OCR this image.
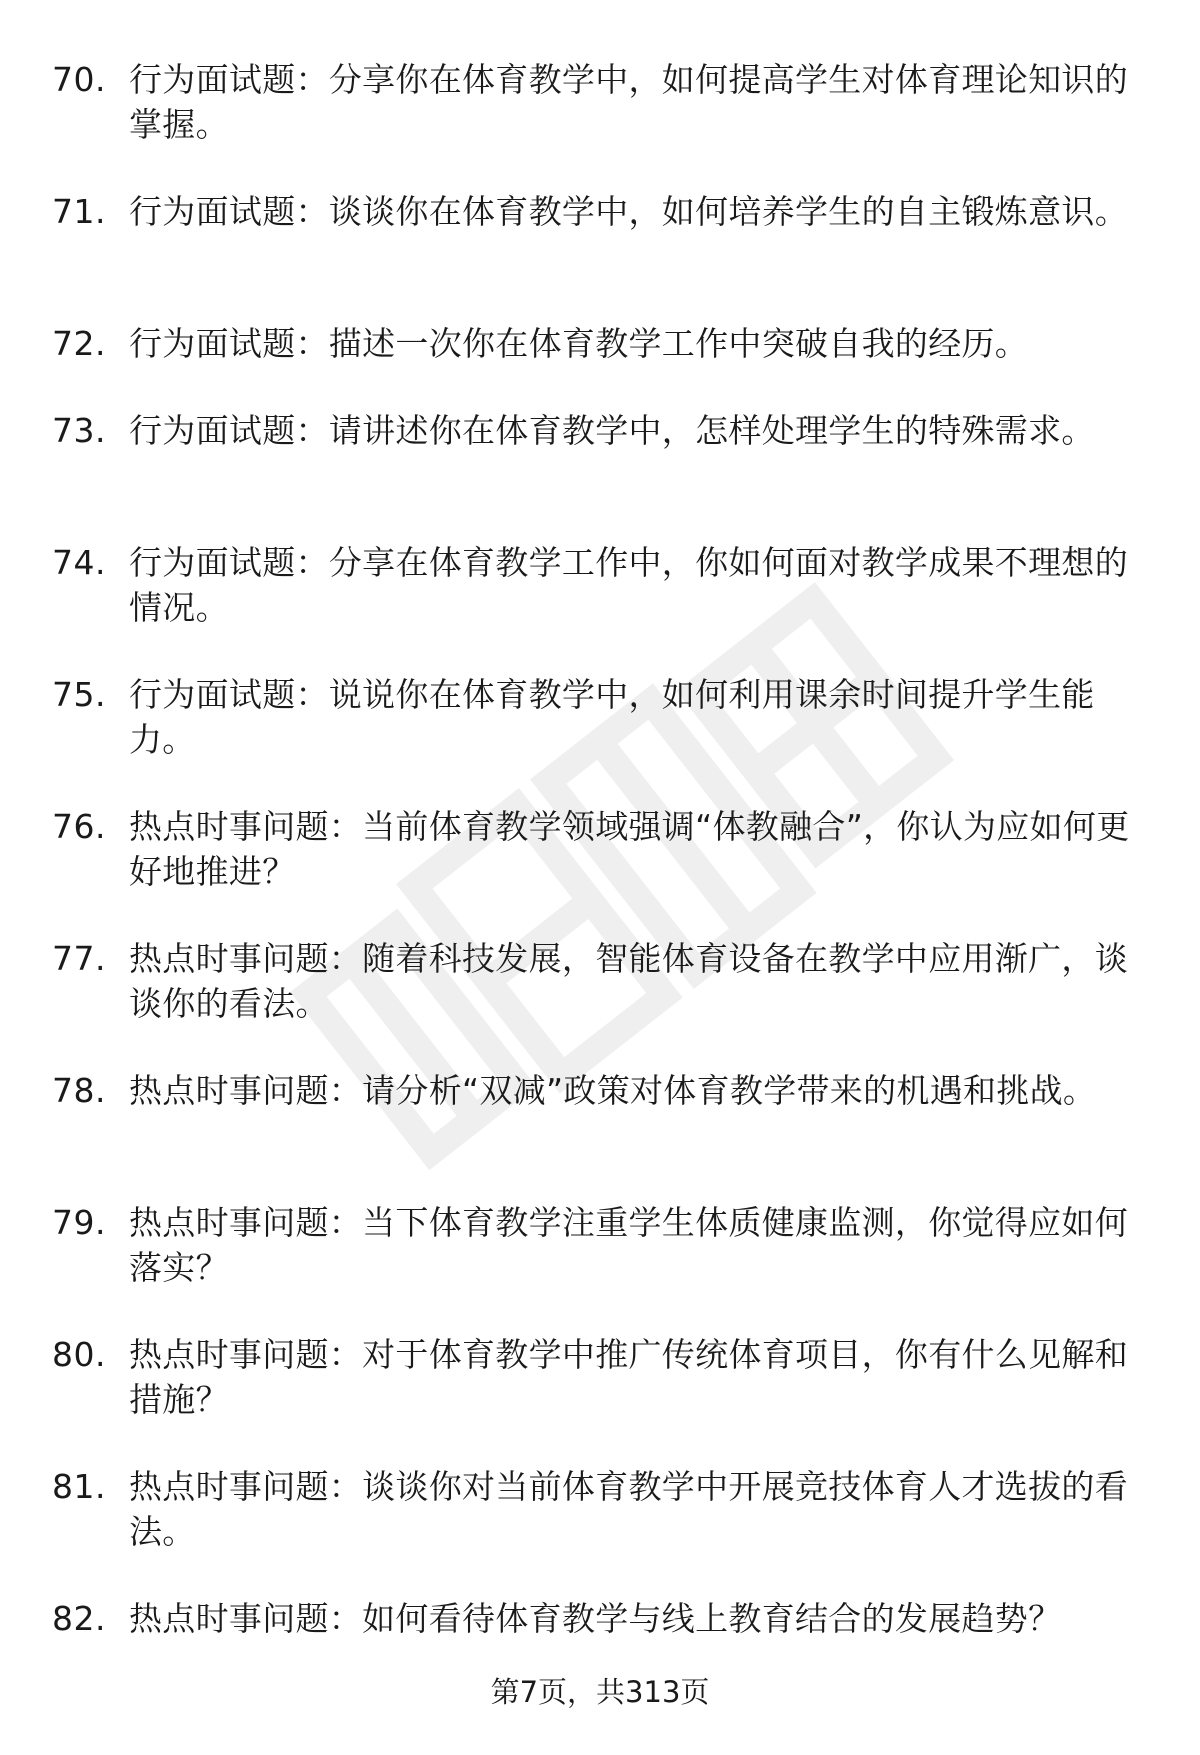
70. 行为面试题：分享你在体育教学中，如何提高学生对体育理论知识的掌握。
71. 行为面试题：谈谈你在体育教学中，如何培养学生的自主锻炼意识。
72. 行为面试题：描述一次你在体育教学工作中突破自我的经历。
73. 行为面试题：请讲述你在体育教学中，怎样处理学生的特殊需求。
74. 行为面试题：分享在体育教学工作中，你如何面对教学成果不理想的情况。
75. 行为面试题：说说你在体育教学中，如何利用课余时间提升学生能力。
76. 热点时事问题：当前体育教学领域强调“体教融合”，你认为应如何更好地推进？
77. 热点时事问题：随着科技发展，智能体育设备在教学中应用渐广，谈谈你的看法。
78. 热点时事问题：请分析“双减”政策对体育教学带来的机遇和挑战。
79. 热点时事问题：当下体育教学注重学生体质健康监测，你觉得应如何落实？
80. 热点时事问题：对于体育教学中推广传统体育项目，你有什么见解和措施？
81. 热点时事问题：谈谈你对当前体育教学中开展竞技体育人才选拔的看法。
82. 热点时事问题：如何看待体育教学与线上教育结合的发展趋势？
第7页，共313页
